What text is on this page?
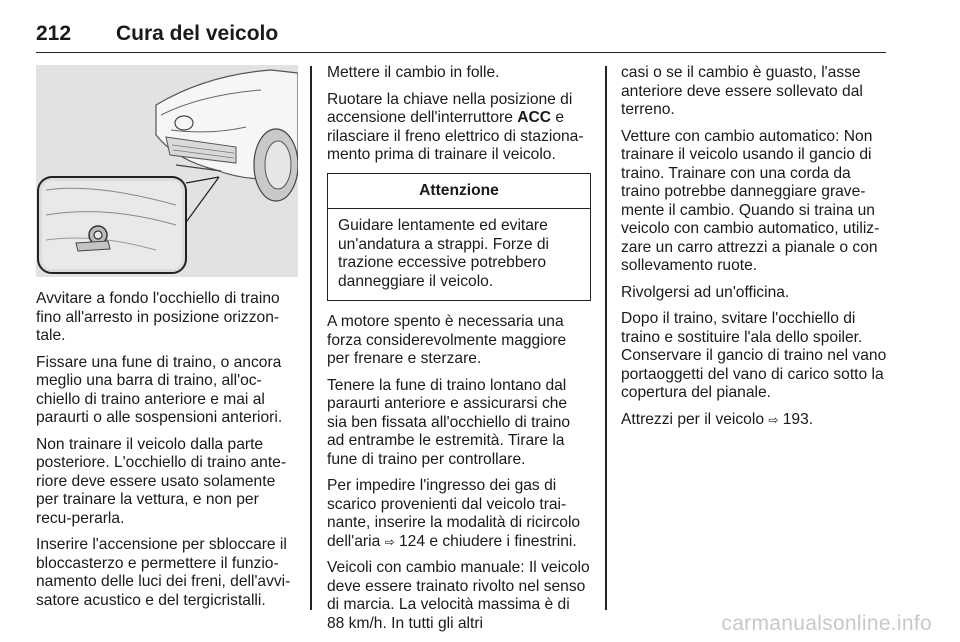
212 Cura del veicolo

Avvitare a fondo l'occhiello di traino fino all'arresto in posizione orizzon-tale.

Fissare una fune di traino, o ancora meglio una barra di traino, all'oc-chiello di traino anteriore e mai al paraurti o alle sospensioni anteriori.

Non trainare il veicolo dalla parte posteriore. L'occhiello di traino ante-riore deve essere usato solamente per trainare la vettura, e non per recu-perarla.

Inserire l'accensione per sbloccare il bloccasterzo e permettere il funzio-namento delle luci dei freni, dell'avvi-satore acustico e del tergicristalli.

Mettere il cambio in folle.

Ruotare la chiave nella posizione di accensione dell'interruttore ACC e rilasciare il freno elettrico di staziona-mento prima di trainare il veicolo.

Attenzione
Guidare lentamente ed evitare un'andatura a strappi. Forze di trazione eccessive potrebbero danneggiare il veicolo.

A motore spento è necessaria una forza considerevolmente maggiore per frenare e sterzare.

Tenere la fune di traino lontano dal paraurti anteriore e assicurarsi che sia ben fissata all'occhiello di traino ad entrambe le estremità. Tirare la fune di traino per controllare.

Per impedire l'ingresso dei gas di scarico provenienti dal veicolo trai-nante, inserire la modalità di ricircolo dell'aria ⇨ 124 e chiudere i finestrini.

Veicoli con cambio manuale: Il veicolo deve essere trainato rivolto nel senso di marcia. La velocità massima è di 88 km/h. In tutti gli altri

casi o se il cambio è guasto, l'asse anteriore deve essere sollevato dal terreno.

Vetture con cambio automatico: Non trainare il veicolo usando il gancio di traino. Trainare con una corda da traino potrebbe danneggiare grave-mente il cambio. Quando si traina un veicolo con cambio automatico, utiliz-zare un carro attrezzi a pianale o con sollevamento ruote.

Rivolgersi ad un'officina.

Dopo il traino, svitare l'occhiello di traino e sostituire l'ala dello spoiler. Conservare il gancio di traino nel vano portaoggetti del vano di carico sotto la copertura del pianale.

Attrezzi per il veicolo ⇨ 193.

carmanualsonline.info
